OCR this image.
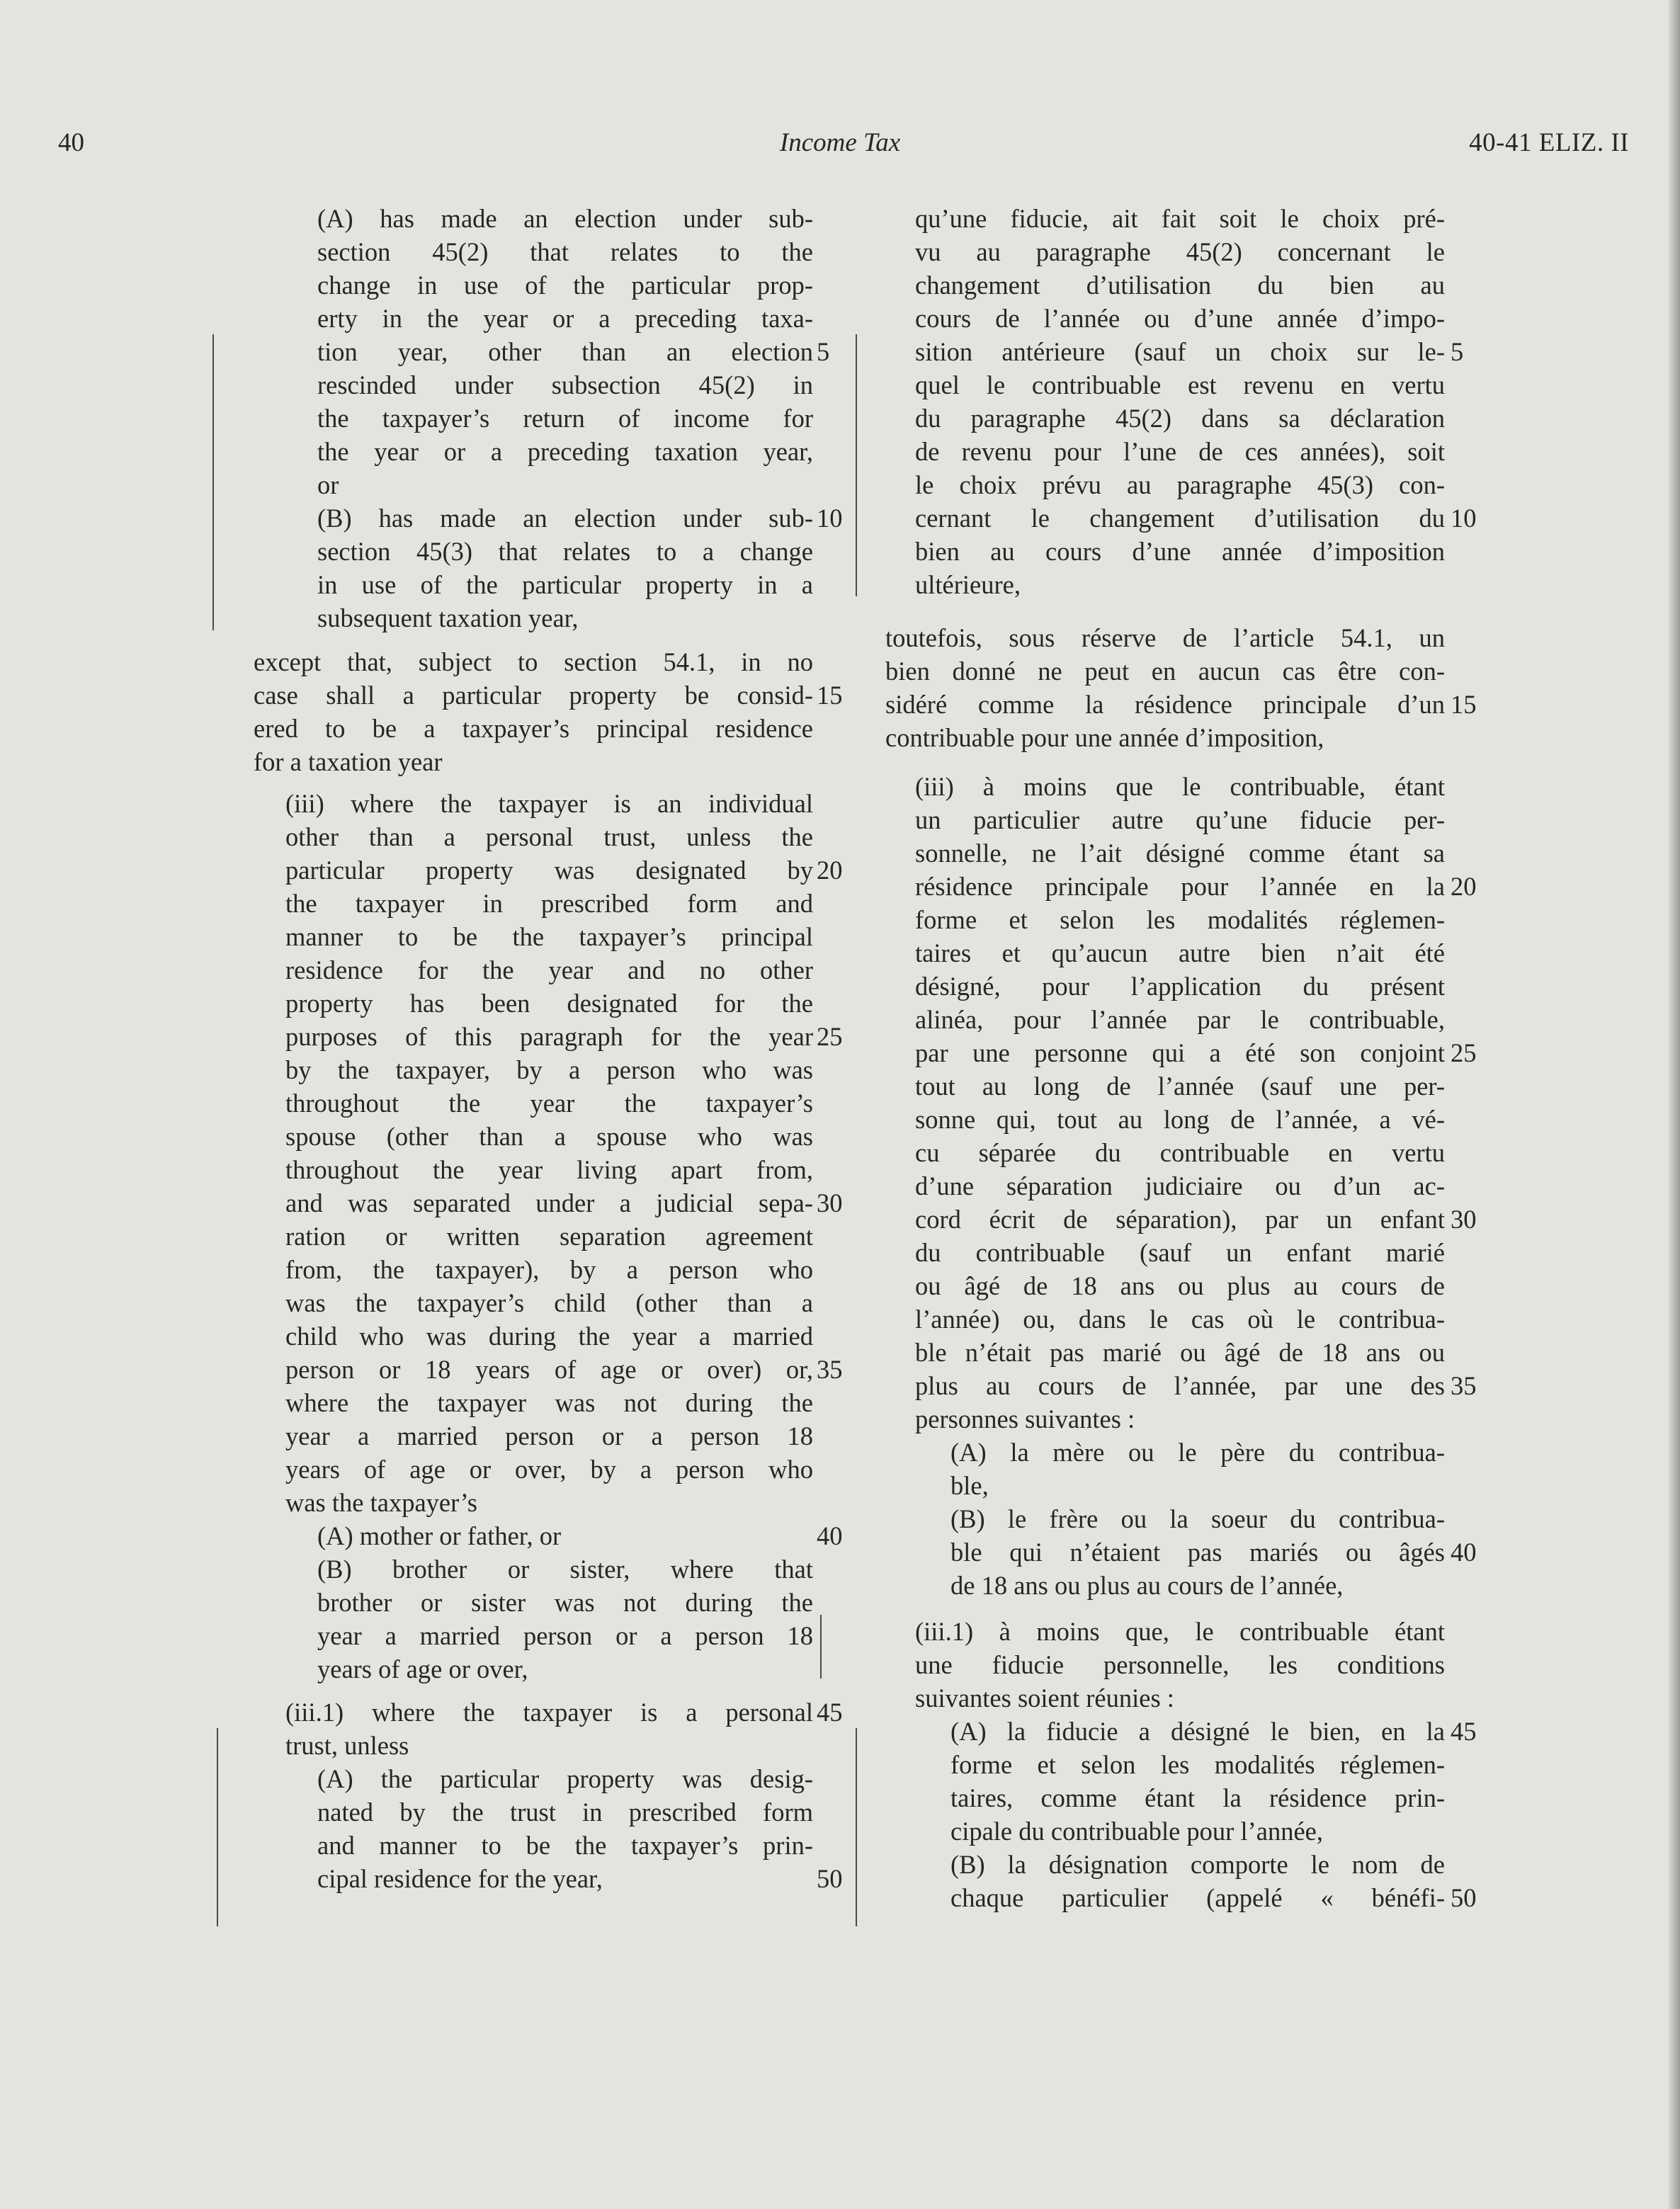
40	Income Tax	40-41 ELIZ. II
(A) has made an election under sub-
section 45(2) that relates to the
change in use of the particular prop-
erty in the year or a preceding taxa-
tion year, other than an election
rescinded under subsection 45(2) in
the taxpayer’s return of income for
the year or a preceding taxation year,
or
(B) has made an election under sub-
section 45(3) that relates to a change
in use of the particular property in a
subsequent taxation year,
except that, subject to section 54.1, in no
case shall a particular property be consid-
ered to be a taxpayer’s principal residence
for a taxation year
(iii) where the taxpayer is an individual
other than a personal trust, unless the
particular property was designated by
the taxpayer in prescribed form and
manner to be the taxpayer’s principal
residence for the year and no other
property has been designated for the
purposes of this paragraph for the year
by the taxpayer, by a person who was
throughout the year the taxpayer’s
spouse (other than a spouse who was
throughout the year living apart from,
and was separated under a judicial sepa-
ration or written separation agreement
from, the taxpayer), by a person who
was the taxpayer’s child (other than a
child who was during the year a married
person or 18 years of age or over) or,
where the taxpayer was not during the
year a married person or a person 18
years of age or over, by a person who
was the taxpayer’s
(A) mother or father, or
(B) brother or sister, where that
brother or sister was not during the
year a married person or a person 18
years of age or over,
(iii.1) where the taxpayer is a personal
trust, unless
(A) the particular property was desig-
nated by the trust in prescribed form
and manner to be the taxpayer’s prin-
cipal residence for the year,
qu’une fiducie, ait fait soit le choix pré-
vu au paragraphe 45(2) concernant le
changement d’utilisation du bien au
cours de l’année ou d’une année d’impo-
sition antérieure (sauf un choix sur le-
quel le contribuable est revenu en vertu
du paragraphe 45(2) dans sa déclaration
de revenu pour l’une de ces années), soit
le choix prévu au paragraphe 45(3) con-
cernant le changement d’utilisation du
bien au cours d’une année d’imposition
ultérieure,
toutefois, sous réserve de l’article 54.1, un
bien donné ne peut en aucun cas être con-
sidéré comme la résidence principale d’un
contribuable pour une année d’imposition,
(iii) à moins que le contribuable, étant
un particulier autre qu’une fiducie per-
sonnelle, ne l’ait désigné comme étant sa
résidence principale pour l’année en la
forme et selon les modalités réglemen-
taires et qu’aucun autre bien n’ait été
désigné, pour l’application du présent
alinéa, pour l’année par le contribuable,
par une personne qui a été son conjoint
tout au long de l’année (sauf une per-
sonne qui, tout au long de l’année, a vé-
cu séparée du contribuable en vertu
d’une séparation judiciaire ou d’un ac-
cord écrit de séparation), par un enfant
du contribuable (sauf un enfant marié
ou âgé de 18 ans ou plus au cours de
l’année) ou, dans le cas où le contribua-
ble n’était pas marié ou âgé de 18 ans ou
plus au cours de l’année, par une des
personnes suivantes :
(A) la mère ou le père du contribua-
ble,
(B) le frère ou la soeur du contribua-
ble qui n’étaient pas mariés ou âgés
de 18 ans ou plus au cours de l’année,
(iii.1) à moins que, le contribuable étant
une fiducie personnelle, les conditions
suivantes soient réunies :
(A) la fiducie a désigné le bien, en la
forme et selon les modalités réglemen-
taires, comme étant la résidence prin-
cipale du contribuable pour l’année,
(B) la désignation comporte le nom de
chaque particulier (appelé « bénéfi-
5
10
15
20
25
30
35
40
45
50
5
10
15
20
25
30
35
40
45
50
